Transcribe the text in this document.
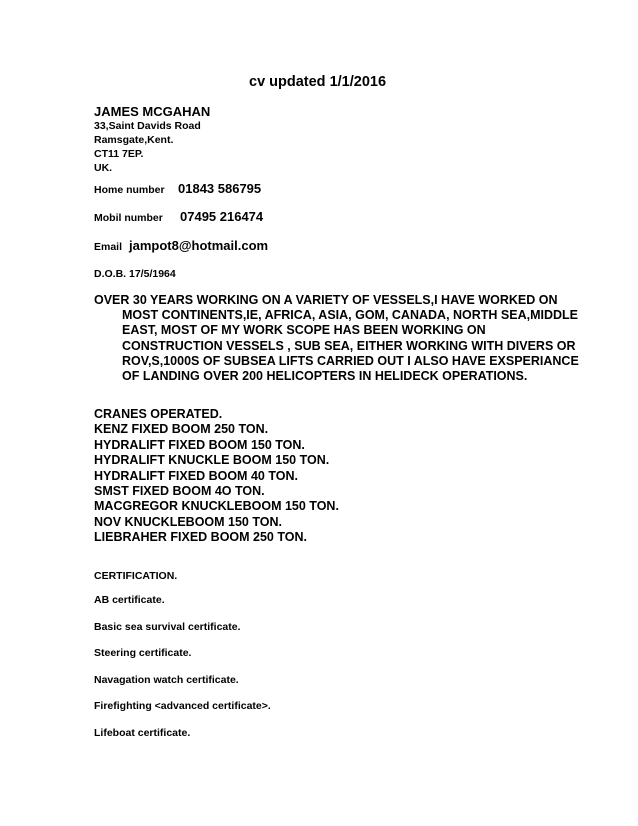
cv updated 1/1/2016
JAMES MCGAHAN
33,Saint Davids Road
Ramsgate,Kent.
CT11 7EP.
UK.
Home number 01843 586795
Mobil number 07495 216474
Email jampot8@hotmail.com
D.O.B. 17/5/1964
OVER 30 YEARS WORKING ON A VARIETY OF VESSELS,I HAVE WORKED ON MOST CONTINENTS,IE, AFRICA, ASIA, GOM, CANADA, NORTH SEA,MIDDLE EAST, MOST OF MY WORK SCOPE HAS BEEN WORKING ON CONSTRUCTION VESSELS , SUB SEA, EITHER WORKING WITH DIVERS OR ROV,S,1000S OF SUBSEA LIFTS CARRIED OUT I ALSO HAVE EXSPERIANCE OF LANDING OVER 200 HELICOPTERS IN HELIDECK OPERATIONS.
CRANES OPERATED.
KENZ FIXED BOOM 250 TON.
HYDRALIFT FIXED BOOM 150 TON.
HYDRALIFT KNUCKLE BOOM 150 TON.
HYDRALIFT FIXED BOOM 40 TON.
SMST FIXED BOOM 4O TON.
MACGREGOR KNUCKLEBOOM 150 TON.
NOV KNUCKLEBOOM 150 TON.
LIEBRAHER FIXED BOOM 250 TON.
CERTIFICATION.
AB certificate.
Basic sea survival certificate.
Steering certificate.
Navagation watch certificate.
Firefighting <advanced certificate>.
Lifeboat certificate.
